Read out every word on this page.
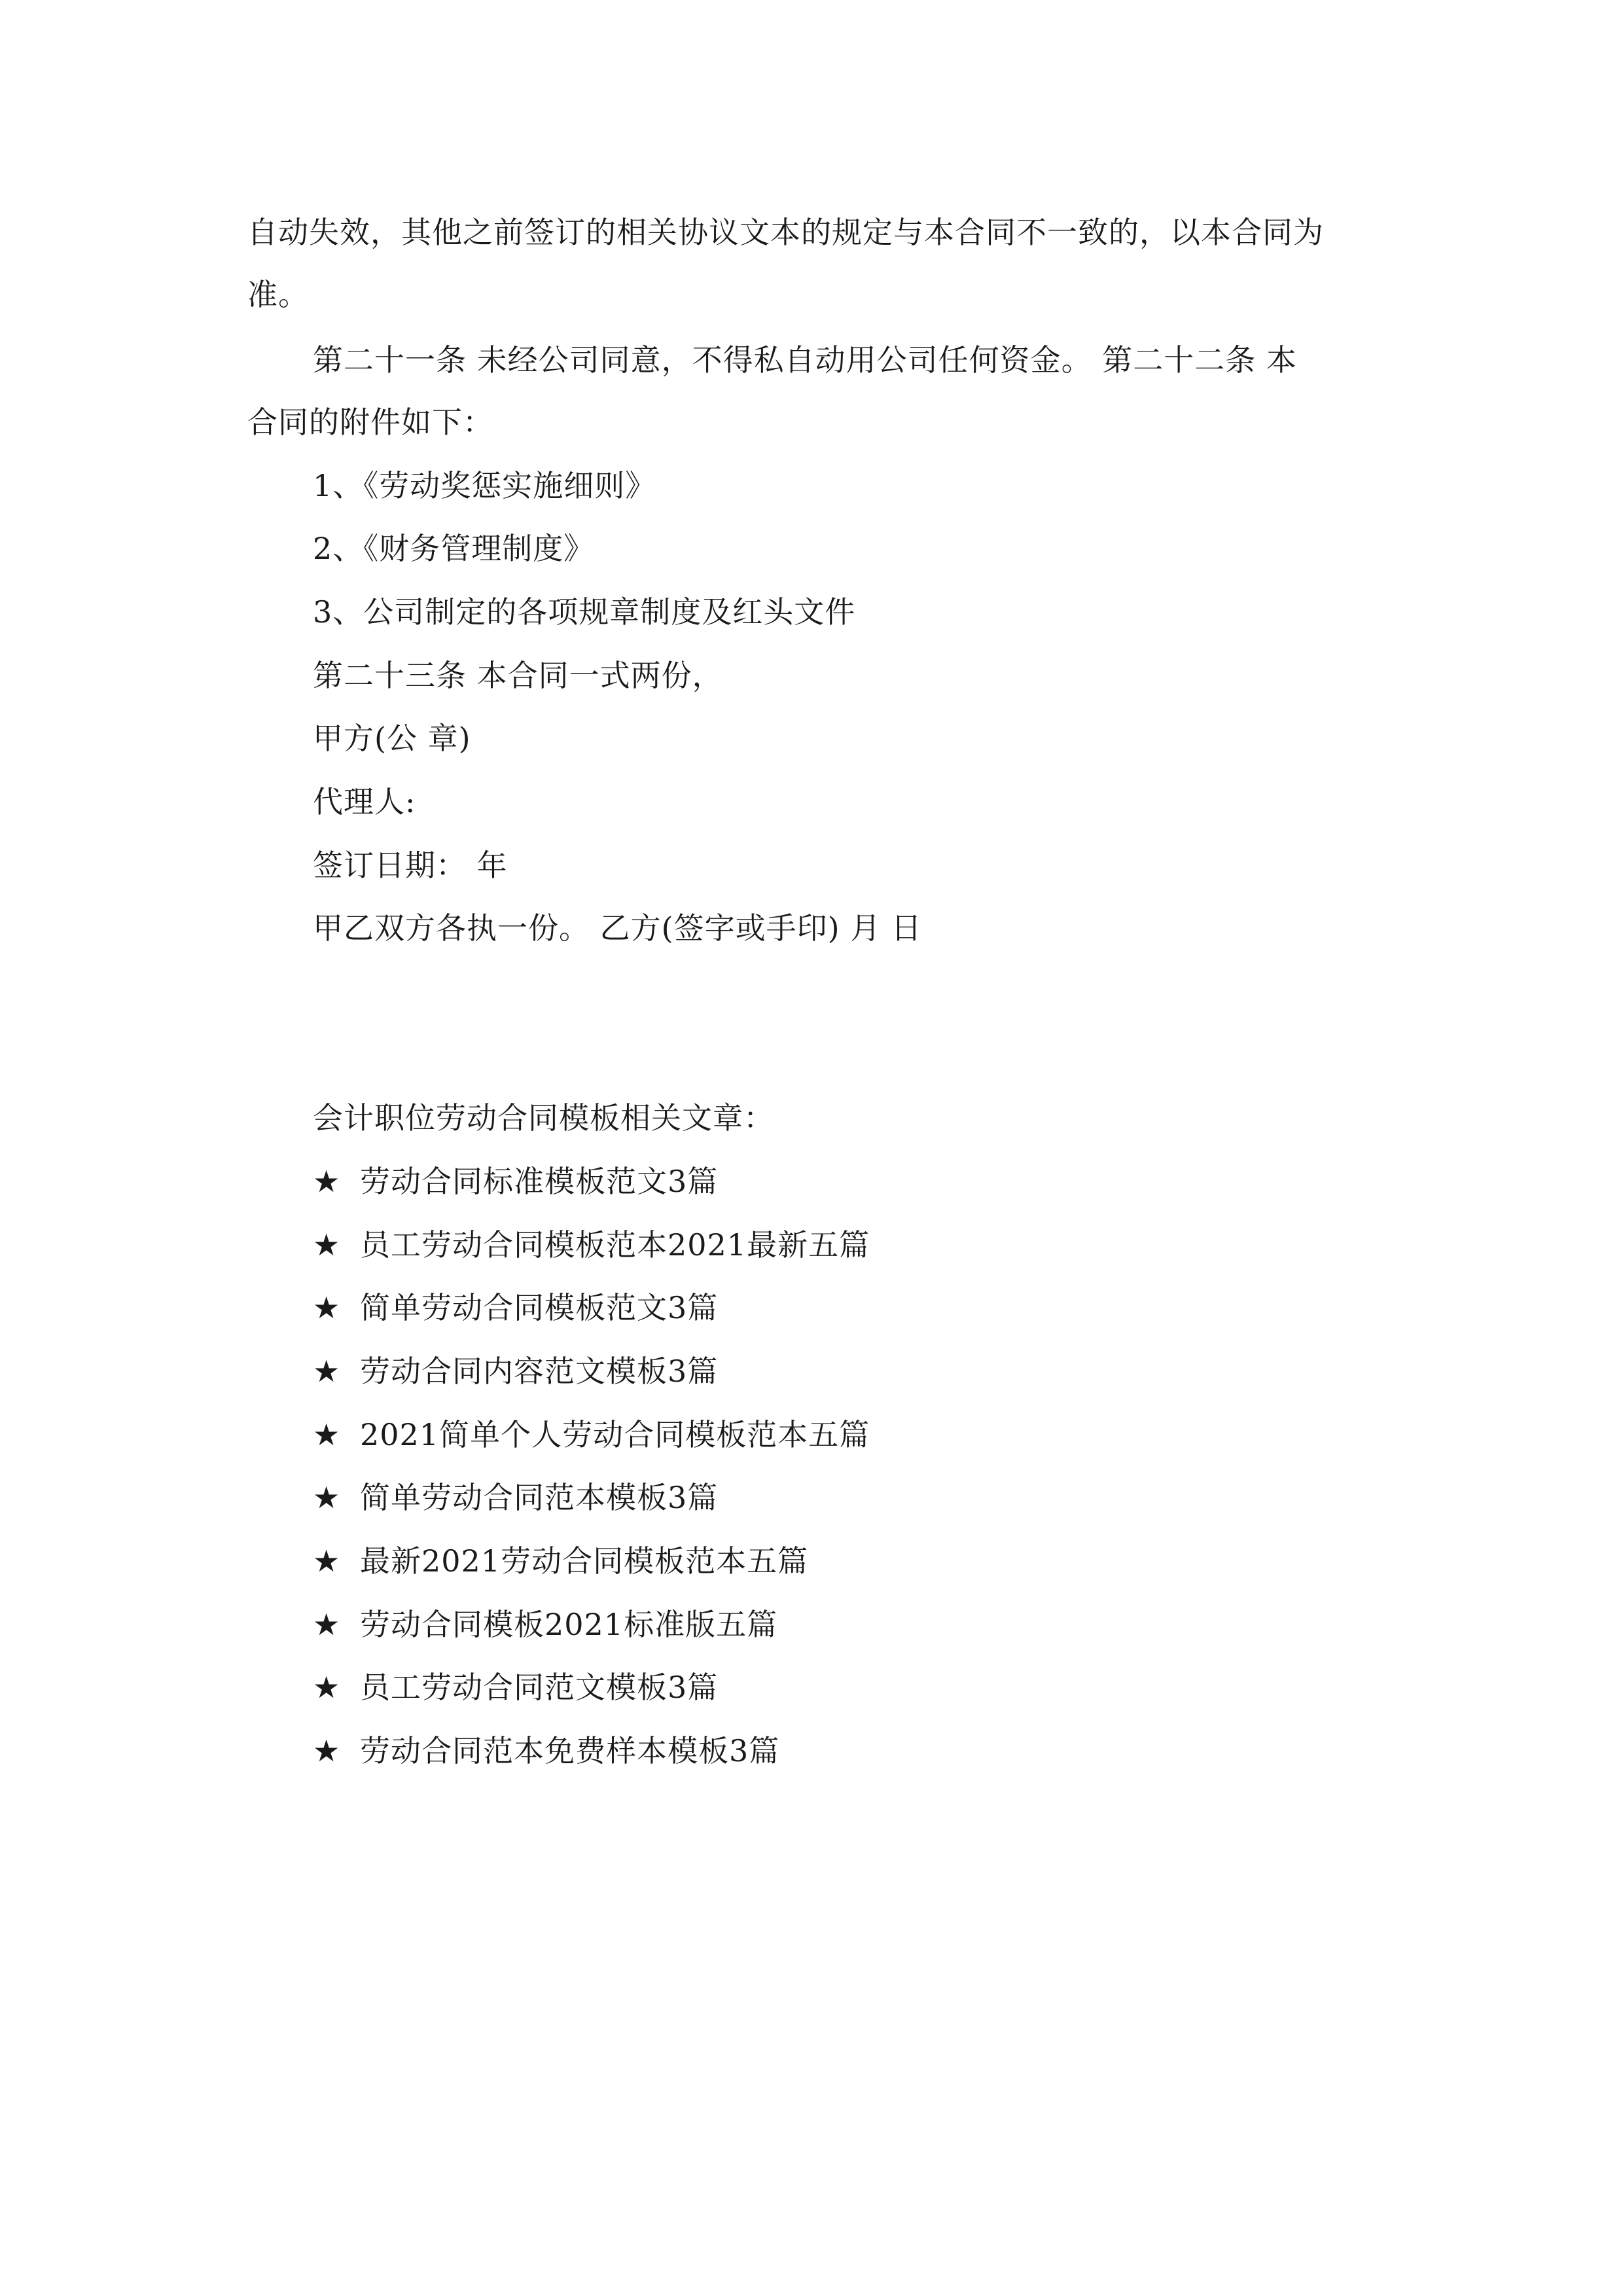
自动失效，其他之前签订的相关协议文本的规定与本合同不一致的，以本合同为
准。
第二十一条 未经公司同意，不得私自动用公司任何资金。 第二十二条 本
合同的附件如下：
1、《劳动奖惩实施细则》
2、《财务管理制度》
3、公司制定的各项规章制度及红头文件
第二十三条 本合同一式两份，
甲方(公 章)
代理人:
签订日期： 年
甲乙双方各执一份。 乙方(签字或手印) 月 日
会计职位劳动合同模板相关文章：
★ 劳动合同标准模板范文3篇
★ 员工劳动合同模板范本2021最新五篇
★ 简单劳动合同模板范文3篇
★ 劳动合同内容范文模板3篇
★ 2021简单个人劳动合同模板范本五篇
★ 简单劳动合同范本模板3篇
★ 最新2021劳动合同模板范本五篇
★ 劳动合同模板2021标准版五篇
★ 员工劳动合同范文模板3篇
★ 劳动合同范本免费样本模板3篇
